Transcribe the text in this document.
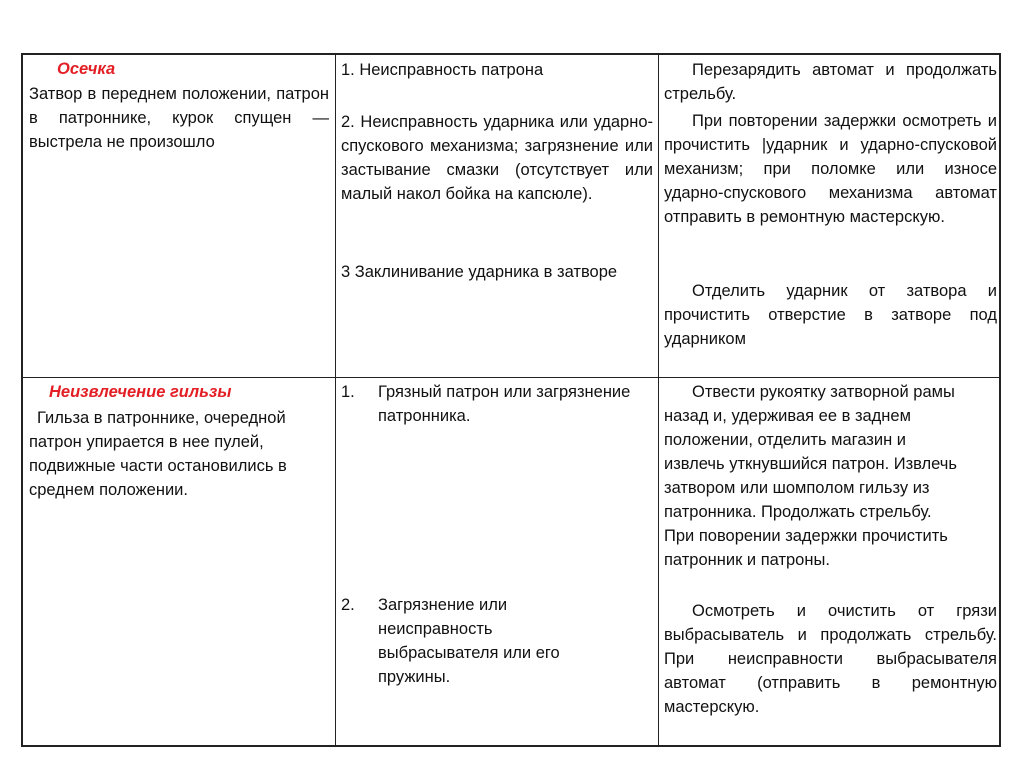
Осечка
Затвор в переднем положении, патрон в патроннике, курок спущен — выстрела не произошло
1. Неисправность патрона
2. Неисправность ударника или ударно-спускового механизма; загрязнение или застывание смазки (отсутствует или малый накол бойка на капсюле).
3 Заклинивание ударника в затворе
Перезарядить автомат и продолжать стрельбу.
При повторении задержки осмотреть и прочистить |ударник и ударно-спусковой механизм; при поломке или износе ударно-спускового механизма автомат отправить в ремонтную мастерскую.
Отделить ударник от затвора и прочистить отверстие в затворе под ударником
Неизвлечение гильзы
Гильза в патроннике, очередной патрон упирается в нее пулей, подвижные части остановились в среднем положении.
1. Грязный патрон или загрязнение патронника.
2. Загрязнение или неисправность выбрасывателя или его пружины.
Отвести рукоятку затворной рамы назад и, удерживая ее в заднем положении, отделить магазин и извлечь уткнувшийся патрон. Извлечь затвором или шомполом гильзу из патронника. Продолжать стрельбу. При поворении задержки прочистить патронник и патроны.
Осмотреть и очистить от грязи выбрасыватель и продолжать стрельбу. При неисправности выбрасывателя автомат (отправить в ремонтную мастерскую.
